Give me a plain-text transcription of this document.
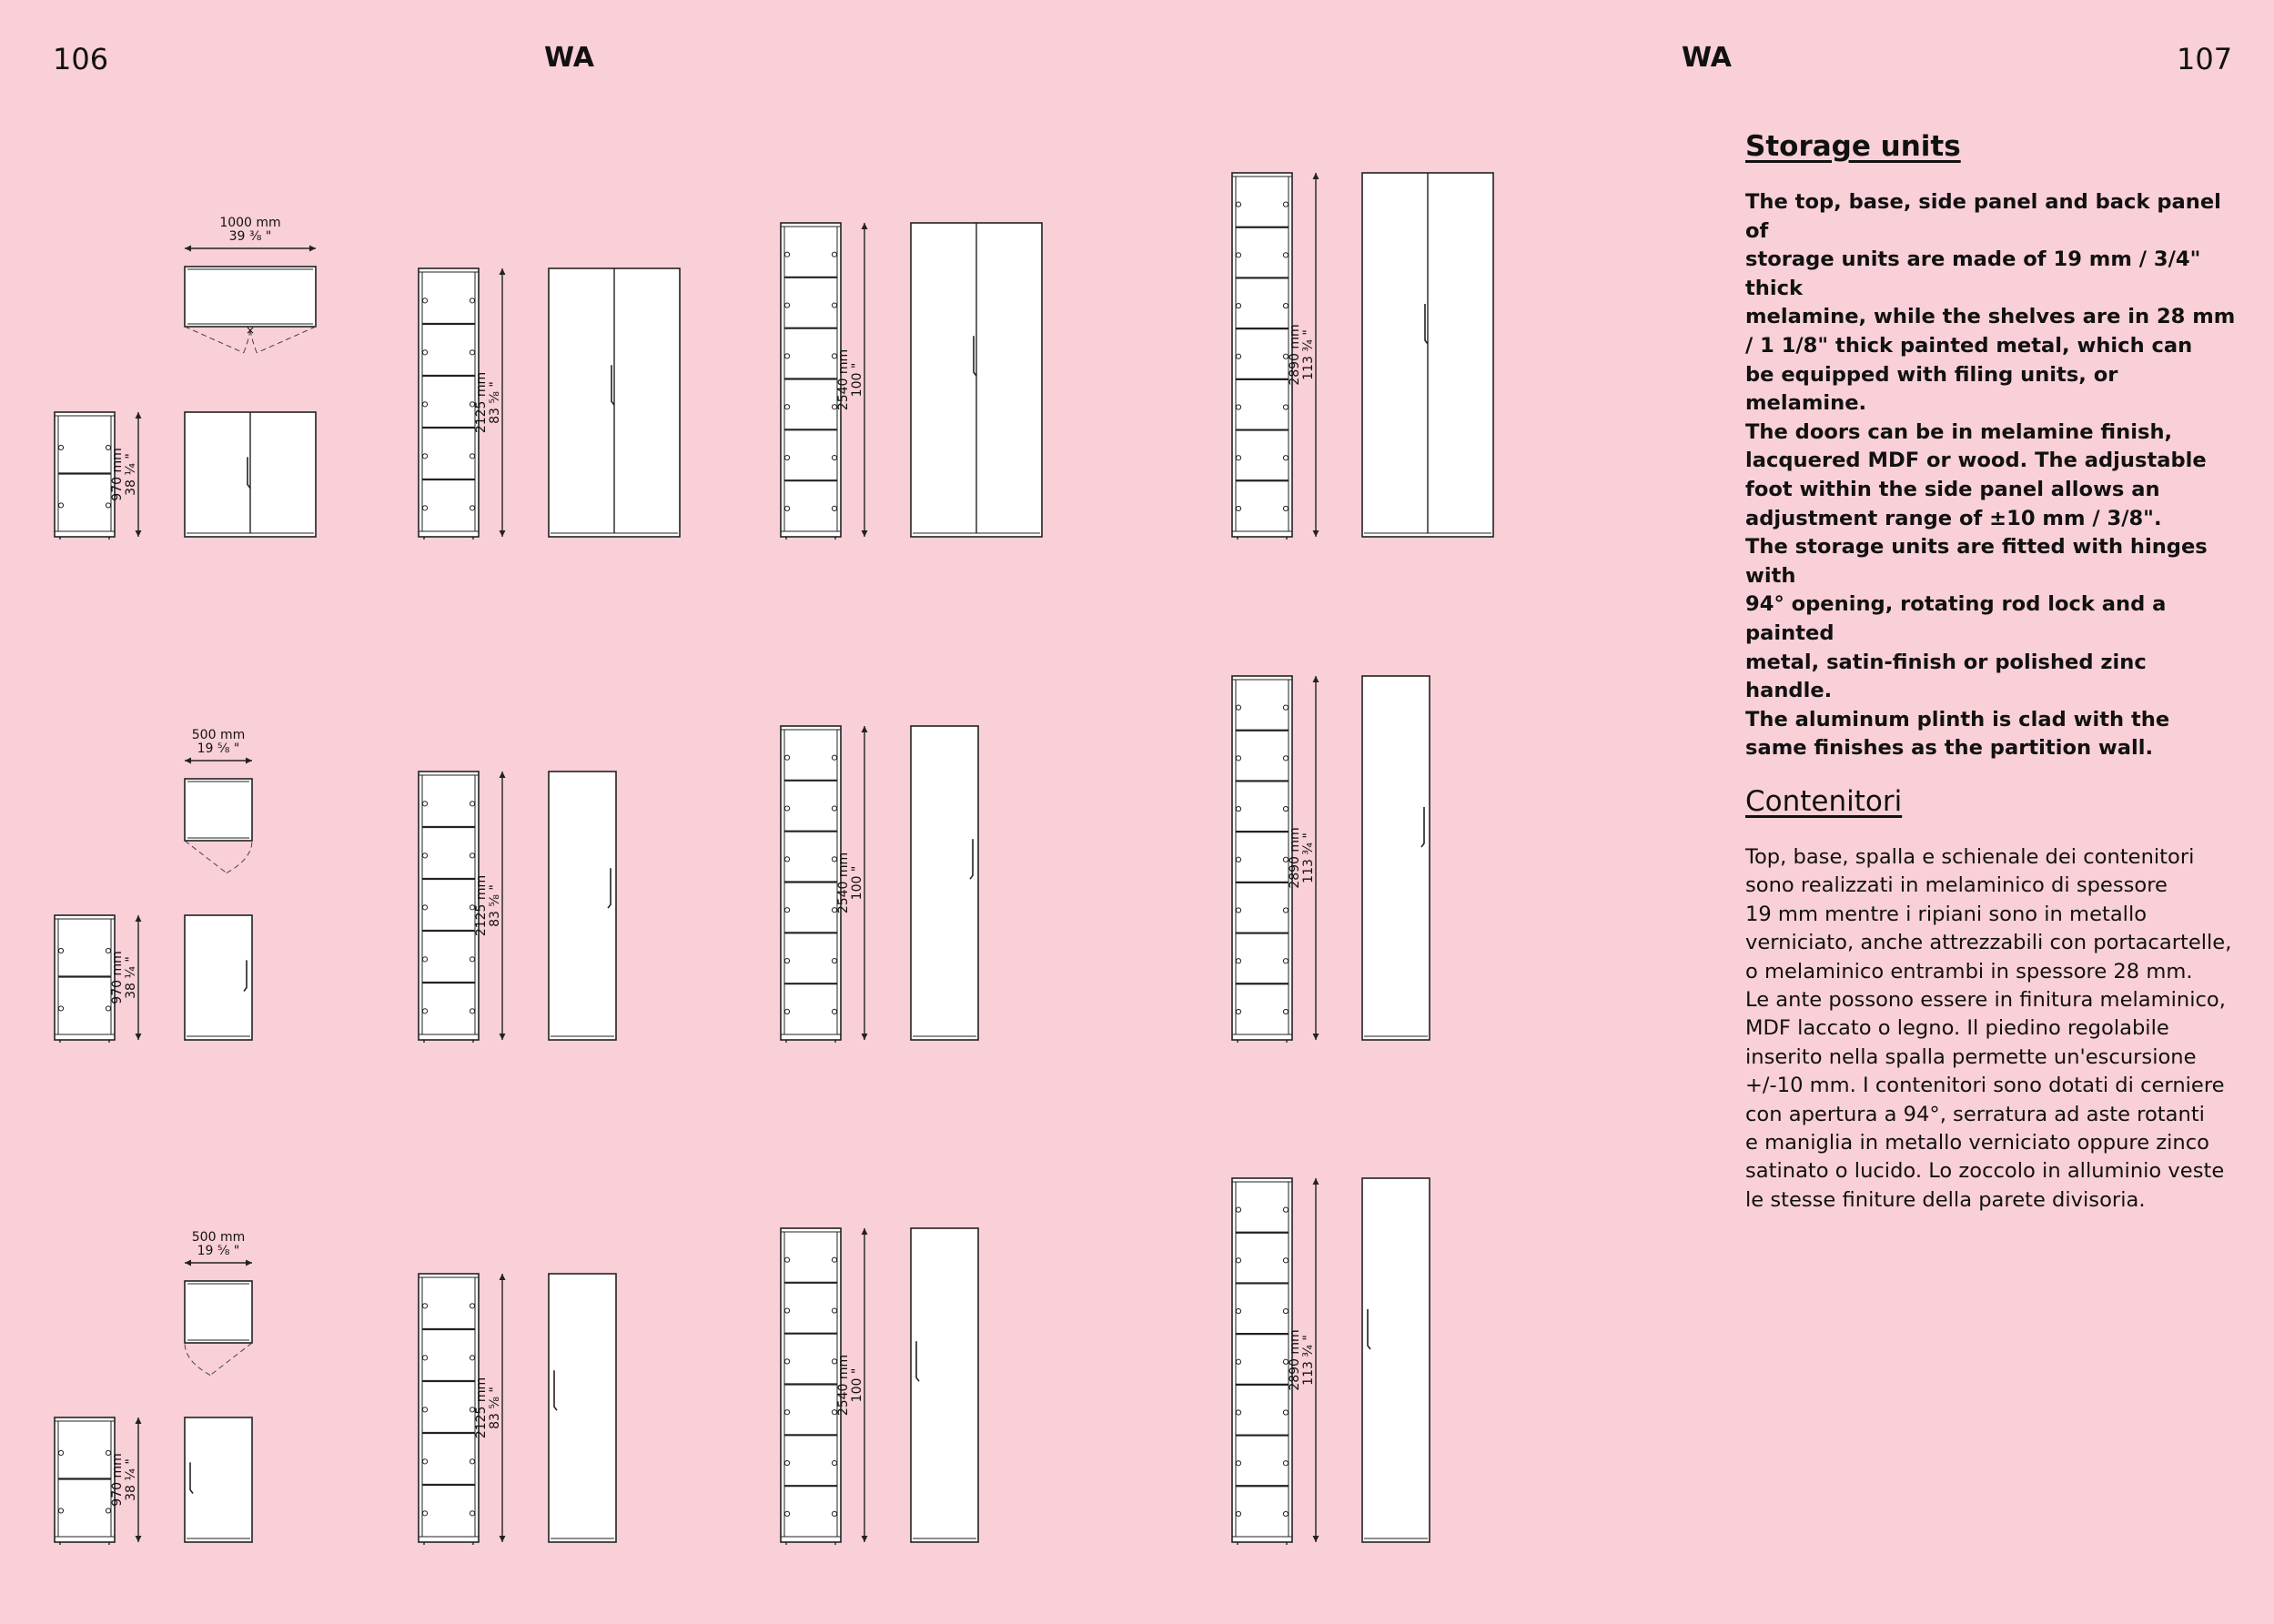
106	WA	WA	107
970 mm 38 ¼ "
2125 mm 83 ⅝ "	2540 mm 100 "	2890 mm 113 ¾ "
×
1000 mm
39 ⅜ "
970 mm 38 ¼ "
2125 mm 83 ⅝ "	2540 mm 100 "	2890 mm 113 ¾ "
500 mm
19 ⅝ "
970 mm 38 ¼ "
2125 mm 83 ⅝ "	2540 mm 100 "	2890 mm 113 ¾ "
500 mm
19 ⅝ "
Storage units

The top, base, side panel and back panel of
storage units are made of 19 mm / 3/4" thick
melamine, while the shelves are in 28 mm
/ 1 1/8" thick painted metal, which can
be equipped with filing units, or melamine.
The doors can be in melamine finish,
lacquered MDF or wood. The adjustable
foot within the side panel allows an
adjustment range of ±10 mm / 3/8".
The storage units are fitted with hinges with
94° opening, rotating rod lock and a painted
metal, satin-finish or polished zinc handle.
The aluminum plinth is clad with the
same finishes as the partition wall.

Contenitori

Top, base, spalla e schienale dei contenitori
sono realizzati in melaminico di spessore
19 mm mentre i ripiani sono in metallo
verniciato, anche attrezzabili con portacartelle,
o melaminico entrambi in spessore 28 mm.
Le ante possono essere in finitura melaminico,
MDF laccato o legno. Il piedino regolabile
inserito nella spalla permette un'escursione
+/-10 mm. I contenitori sono dotati di cerniere
con apertura a 94°, serratura ad aste rotanti
e maniglia in metallo verniciato oppure zinco
satinato o lucido. Lo zoccolo in alluminio veste
le stesse finiture della parete divisoria.
